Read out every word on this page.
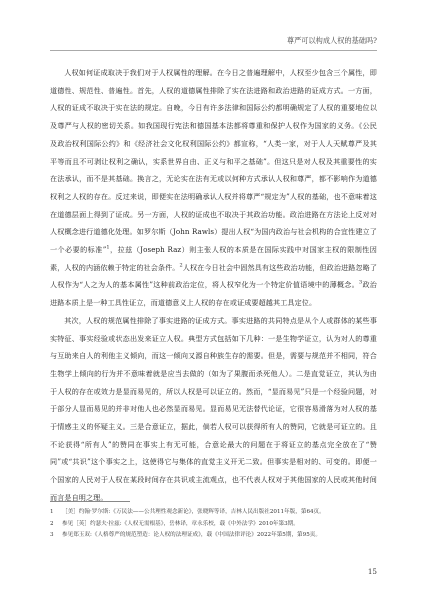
尊严可以构成人权的基础吗?

人权如何证成取决于我们对于人权属性的理解。在今日之普遍理解中，人权至少包含三个属性，即道德性、规范性、普遍性。首先，人权的道德属性排除了实在法进路和政治进路的证成方式。一方面，人权的证成不取决于实在法的规定。自晚，今日有许多法律和国际公约都明确规定了人权的重要地位以及尊严与人权的密切关系。如我国现行宪法和德国基本法都将尊重和保护人权作为国家的义务。《公民及政治权利国际公约》和《经济社会文化权利国际公约》都宣称，“人类一家，对于人人天赋尊严及其平等而且不可剥让权利之确认，实系世界自由、正义与和平之基础”。但这只是对人权及其重要性的实在法承认，而不是其基础。换言之，无论实在法有无或以何种方式承认人权和尊严，都不影响作为道德权利之人权的存在。反过来说，即便实在法明确承认人权并将尊严“规定为”人权的基础，也不意味着这在道德层面上得到了证成。另一方面，人权的证成也不取决于其政治功能。政治进路在方法论上反对对人权概念进行道德化处理。如罗尔斯（John Rawls）提出人权“为国内政治与社会机构的合宜性建立了一个必要的标准”$^1$，拉兹（Joseph Raz）则主张人权的本质是在国际实践中对国家主权的限制性因素，人权的内涵依赖于特定的社会条件。$^2$人权在今日社会中固然具有这些政治功能，但政治进路忽略了人权作为“人之为人的基本属性”这种前政治定位，将人权窄化为一个特定价值语境中的薄概念。$^3$政治进路本质上是一种工具性证立，而道德意义上人权的存在或证成要超越其工具定位。

其次，人权的规范属性排除了事实进路的证成方式。事实进路的共同特点是从个人或群体的某些事实特征、事实经验或状态出发来证立人权。典型方式包括如下几种：一是生物学证立，认为对人的尊重与互助来自人的利他主义倾向，而这一倾向又源自种族生存的需要。但是，需要与规范并不相同，符合生物学上倾向的行为并不意味着就是应当去做的（如为了果腹而杀死他人）。二是直觉证立，其认为由于人权的存在或效力是显而易见的，所以人权是可以证立的。然而，“显而易见”只是一个经验问题，对于部分人显而易见的并非对他人也必然显而易见。显而易见无法替代论证，它很容易滑落为对人权的基于情感主义的怀疑主义。三是合意证立，据此，倘若人权可以获得所有人的赞同，它就是可证立的。且不论获得“所有人”的赞同在事实上有无可能，合意论最大的问题在于将证立的基点完全放在了“赞同”或“共识”这个事实之上，这使得它与集体的直觉主义开无二致。但事实是相对的、可变的。即便一个国家的人民对于人权在某段时间存在共识或主流观点，也不代表人权对于其他国家的人民或其他时间而言是自明之理。

1	［美］约翰·罗尔斯:《万民法——公共理性观念新论》，张晓辉等译，吉林人民出版社2011年版，第64页。
2	参见［英］约瑟夫·拉兹:《人权无需根基》，岳林译，章永乐校，载《中外法学》2010年第3期。
3	参见郑玉双:《人格尊严的规范塑造：论人权的法理证成》，载《中国法律评论》2022年第5期，第95页。
15
